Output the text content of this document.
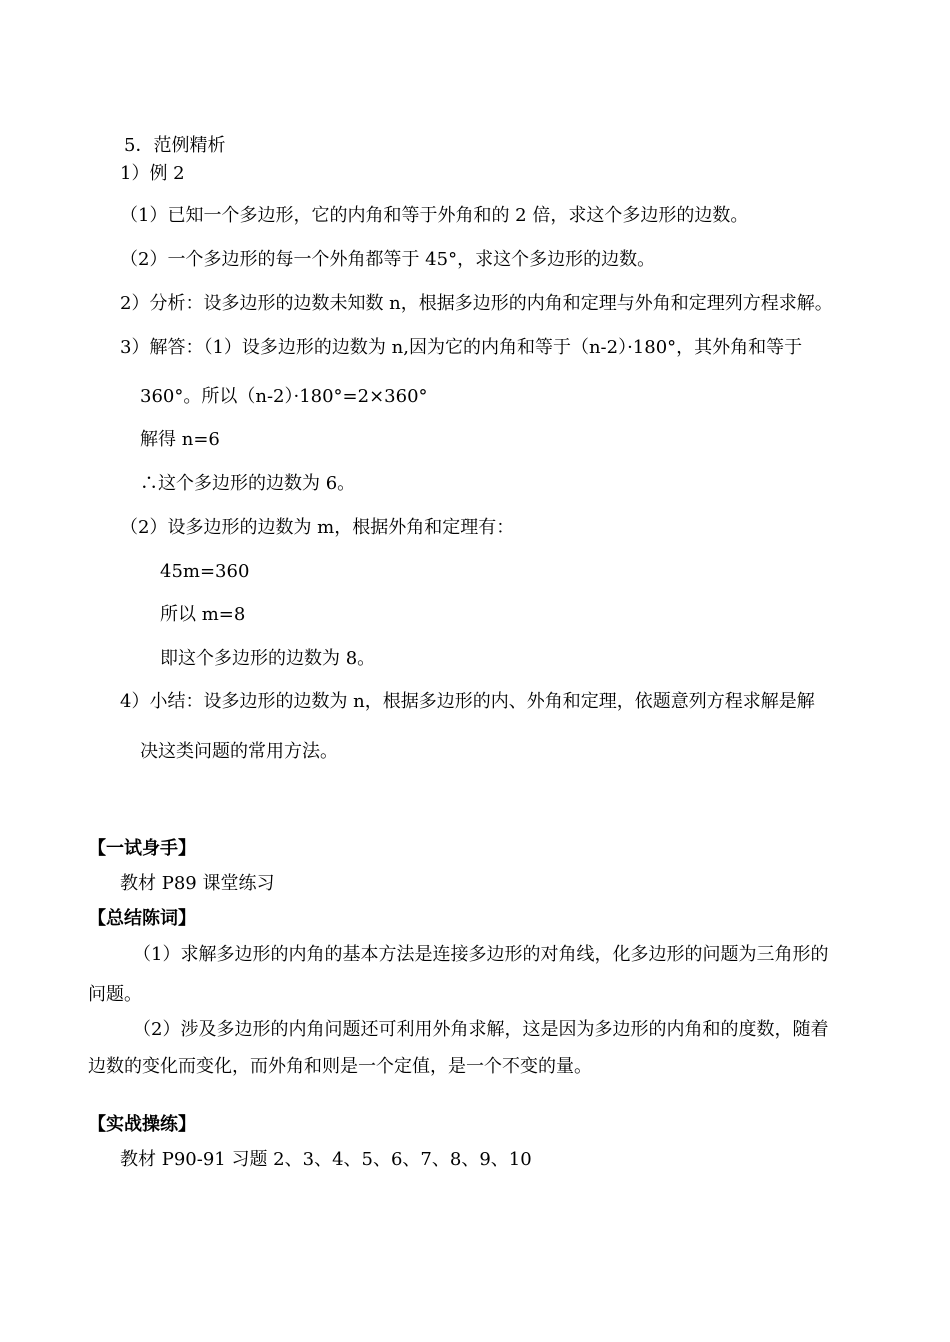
5．范例精析
1）例 2
（1）已知一个多边形，它的内角和等于外角和的 2 倍，求这个多边形的边数。
（2）一个多边形的每一个外角都等于 45°，求这个多边形的边数。
2）分析：设多边形的边数未知数 n，根据多边形的内角和定理与外角和定理列方程求解。
3）解答：（1）设多边形的边数为 n,因为它的内角和等于（n-2）·180°，其外角和等于
360°。所以（n-2）·180°=2×360°
解得 n=6
∴这个多边形的边数为 6。
（2）设多边形的边数为 m，根据外角和定理有：
45m=360
所以 m=8
即这个多边形的边数为 8。
4）小结：设多边形的边数为 n，根据多边形的内、外角和定理，依题意列方程求解是解
决这类问题的常用方法。
【一试身手】
教材 P89 课堂练习
【总结陈词】
（1）求解多边形的内角的基本方法是连接多边形的对角线，化多边形的问题为三角形的
问题。
（2）涉及多边形的内角问题还可利用外角求解，这是因为多边形的内角和的度数，随着
边数的变化而变化，而外角和则是一个定值，是一个不变的量。
【实战操练】
教材 P90-91 习题 2、3、4、5、6、7、8、9、10
